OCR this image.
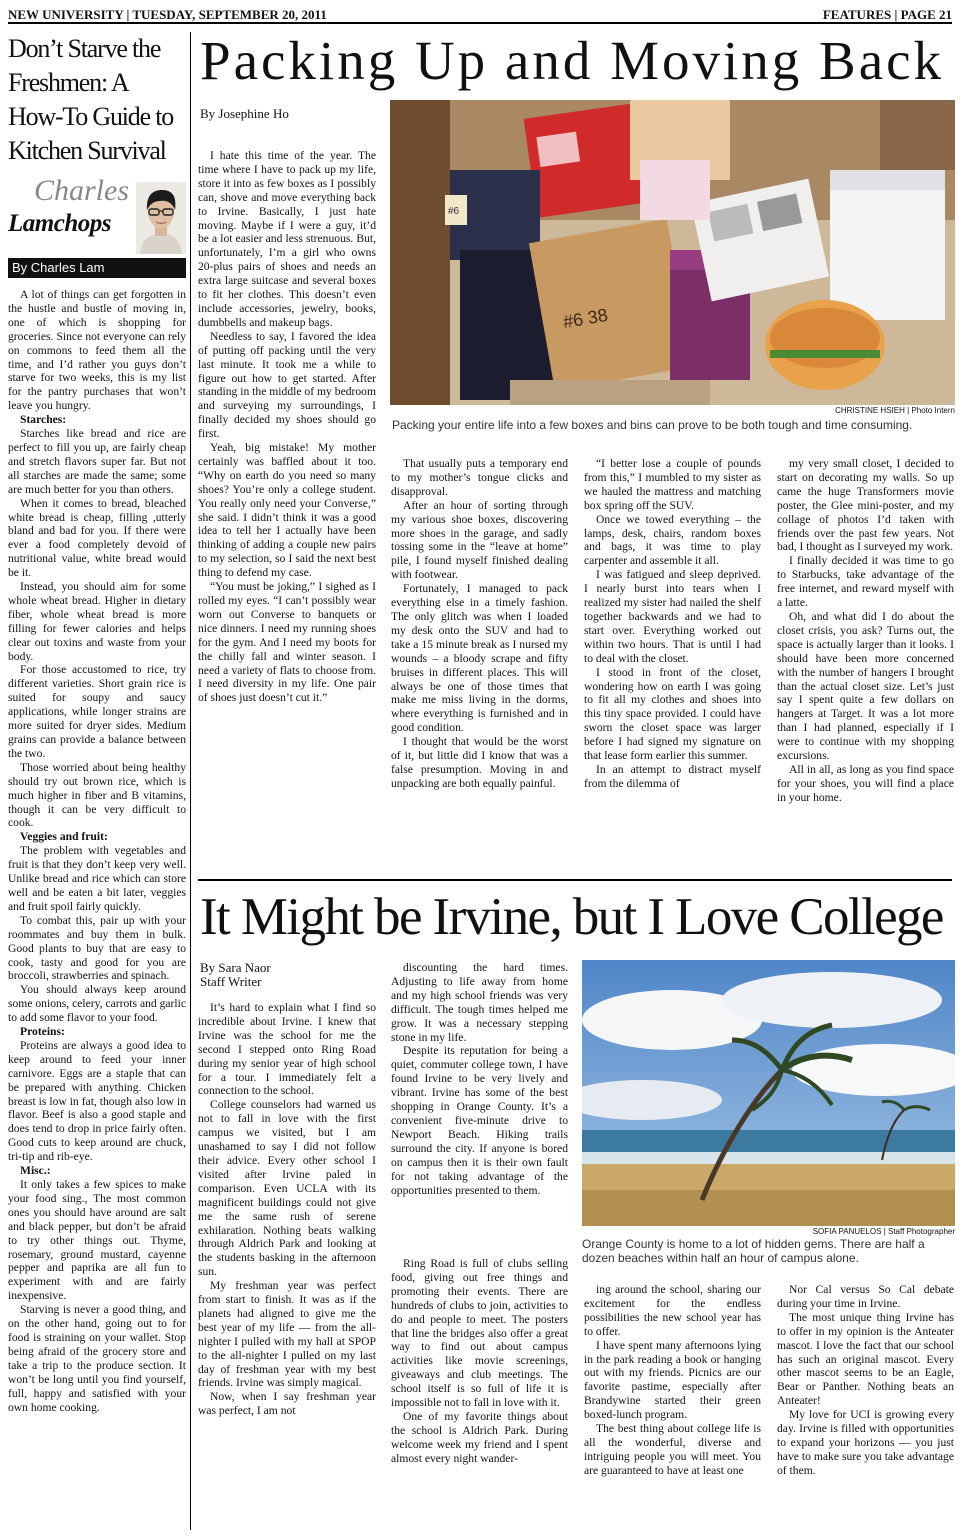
NEW UNIVERSITY | TUESDAY, SEPTEMBER 20, 2011	FEATURES | PAGE 21
Don’t Starve the Freshmen: A How-To Guide to Kitchen Survival
Charles
Lamchops
By Charles Lam

A lot of things can get forgotten in the hustle and bustle of moving in, one of which is shopping for groceries. Since not everyone can rely on commons to feed them all the time, and I’d rather you guys don’t starve for two weeks, this is my list for the pantry purchases that won’t leave you hungry.

Starches:

Starches like bread and rice are perfect to fill you up, are fairly cheap and stretch flavors super far. But not all starches are made the same; some are much better for you than others.

When it comes to bread, bleached white bread is cheap, filling ,utterly bland and bad for you. If there were ever a food completely devoid of nutritional value, white bread would be it.

Instead, you should aim for some whole wheat bread. Higher in dietary fiber, whole wheat bread is more filling for fewer calories and helps clear out toxins and waste from your body.

For those accustomed to rice, try different varieties. Short grain rice is suited for soupy and saucy applications, while longer strains are more suited for dryer sides. Medium grains can provide a balance between the two.

Those worried about being healthy should try out brown rice, which is much higher in fiber and B vitamins, though it can be very difficult to cook.

Veggies and fruit:

The problem with vegetables and fruit is that they don’t keep very well. Unlike bread and rice which can store well and be eaten a bit later, veggies and fruit spoil fairly quickly.

To combat this, pair up with your roommates and buy them in bulk. Good plants to buy that are easy to cook, tasty and good for you are broccoli, strawberries and spinach.

You should always keep around some onions, celery, carrots and garlic to add some flavor to your food.

Proteins:

Proteins are always a good idea to keep around to feed your inner carnivore. Eggs are a staple that can be prepared with anything. Chicken breast is low in fat, though also low in flavor. Beef is also a good staple and does tend to drop in price fairly often. Good cuts to keep around are chuck, tri-tip and rib-eye.

Misc.:

It only takes a few spices to make your food sing., The most common ones you should have around are salt and black pepper, but don’t be afraid to try other things out. Thyme, rosemary, ground mustard, cayenne pepper and paprika are all fun to experiment with and are fairly inexpensive.

Starving is never a good thing, and on the other hand, going out to for food is straining on your wallet. Stop being afraid of the grocery store and take a trip to the produce section. It won’t be long until you find yourself, full, happy and satisfied with your own home cooking.

Packing Up and Moving Back
By Josephine Ho

I hate this time of the year. The time where I have to pack up my life, store it into as few boxes as I possibly can, shove and move everything back to Irvine. Basically, I just hate moving. Maybe if I were a guy, it’d be a lot easier and less strenuous. But, unfortunately, I’m a girl who owns 20-plus pairs of shoes and needs an extra large suitcase and several boxes to fit her clothes. This doesn’t even include accessories, jewelry, books, dumbbells and makeup bags.

Needless to say, I favored the idea of putting off packing until the very last minute. It took me a while to figure out how to get started. After standing in the middle of my bedroom and surveying my surroundings, I finally decided my shoes should go first.

Yeah, big mistake! My mother certainly was baffled about it too. “Why on earth do you need so many shoes? You’re only a college student. You really only need your Converse,” she said. I didn’t think it was a good idea to tell her I actually have been thinking of adding a couple new pairs to my selection, so I said the next best thing to defend my case.

“You must be joking,” I sighed as I rolled my eyes. “I can’t possibly wear worn out Converse to banquets or nice dinners. I need my running shoes for the gym. And I need my boots for the chilly fall and winter season. I need a variety of flats to choose from. I need diversity in my life. One pair of shoes just doesn’t cut it.”

#6 38
#6
CHRISTINE HSIEH | Photo Intern
Packing your entire life into a few boxes and bins can prove to be both tough and time consuming.

That usually puts a temporary end to my mother’s tongue clicks and disapproval.

After an hour of sorting through my various shoe boxes, discovering more shoes in the garage, and sadly tossing some in the “leave at home” pile, I found myself finished dealing with footwear.

Fortunately, I managed to pack everything else in a timely fashion. The only glitch was when I loaded my desk onto the SUV and had to take a 15 minute break as I nursed my wounds – a bloody scrape and fifty bruises in different places. This will always be one of those times that make me miss living in the dorms, where everything is furnished and in good condition.

I thought that would be the worst of it, but little did I know that was a false presumption. Moving in and unpacking are both equally painful.

“I better lose a couple of pounds from this,” I mumbled to my sister as we hauled the mattress and matching box spring off the SUV.

Once we towed everything – the lamps, desk, chairs, random boxes and bags, it was time to play carpenter and assemble it all.

I was fatigued and sleep deprived. I nearly burst into tears when I realized my sister had nailed the shelf together backwards and we had to start over. Everything worked out within two hours. That is until I had to deal with the closet.

I stood in front of the closet, wondering how on earth I was going to fit all my clothes and shoes into this tiny space provided. I could have sworn the closet space was larger before I had signed my signature on that lease form earlier this summer.

In an attempt to distract myself from the dilemma of

my very small closet, I decided to start on decorating my walls. So up came the huge Transformers movie poster, the Glee mini-poster, and my collage of photos I’d taken with friends over the past few years. Not bad, I thought as I surveyed my work.

I finally decided it was time to go to Starbucks, take advantage of the free internet, and reward myself with a latte.

Oh, and what did I do about the closet crisis, you ask? Turns out, the space is actually larger than it looks. I should have been more concerned with the number of hangers I brought than the actual closet size. Let’s just say I spent quite a few dollars on hangers at Target. It was a lot more than I had planned, especially if I were to continue with my shopping excursions.

All in all, as long as you find space for your shoes, you will find a place in your home.

It Might be Irvine, but I Love College
By Sara Naor
Staff Writer

It’s hard to explain what I find so incredible about Irvine. I knew that Irvine was the school for me the second I stepped onto Ring Road during my senior year of high school for a tour. I immediately felt a connection to the school.

College counselors had warned us not to fall in love with the first campus we visited, but I am unashamed to say I did not follow their advice. Every other school I visited after Irvine paled in comparison. Even UCLA with its magnificent buildings could not give me the same rush of serene exhilaration. Nothing beats walking through Aldrich Park and looking at the students basking in the afternoon sun.

My freshman year was perfect from start to finish. It was as if the planets had aligned to give me the best year of my life — from the all-nighter I pulled with my hall at SPOP to the all-nighter I pulled on my last day of freshman year with my best friends. Irvine was simply magical.

Now, when I say freshman year was perfect, I am not

discounting the hard times. Adjusting to life away from home and my high school friends was very difficult. The tough times helped me grow. It was a necessary stepping stone in my life.

Despite its reputation for being a quiet, commuter college town, I have found Irvine to be very lively and vibrant. Irvine has some of the best shopping in Orange County. It’s a convenient five-minute drive to Newport Beach. Hiking trails surround the city. If anyone is bored on campus then it is their own fault for not taking advantage of the opportunities presented to them.

SOFIA PANUELOS | Staff Photographer
Orange County is home to a lot of hidden gems. There are half a dozen beaches within half an hour of campus alone.

Ring Road is full of clubs selling food, giving out free things and promoting their events. There are hundreds of clubs to join, activities to do and people to meet. The posters that line the bridges also offer a great way to find out about campus activities like movie screenings, giveaways and club meetings. The school itself is so full of life it is impossible not to fall in love with it.

One of my favorite things about the school is Aldrich Park. During welcome week my friend and I spent almost every night wander-

ing around the school, sharing our excitement for the endless possibilities the new school year has to offer.

I have spent many afternoons lying in the park reading a book or hanging out with my friends. Picnics are our favorite pastime, especially after Brandywine started their green boxed-lunch program.

The best thing about college life is all the wonderful, diverse and intriguing people you will meet. You are guaranteed to have at least one

Nor Cal versus So Cal debate during your time in Irvine.

The most unique thing Irvine has to offer in my opinion is the Anteater mascot. I love the fact that our school has such an original mascot. Every other mascot seems to be an Eagle, Bear or Panther. Nothing beats an Anteater!

My love for UCI is growing every day. Irvine is filled with opportunities to expand your horizons — you just have to make sure you take advantage of them.
